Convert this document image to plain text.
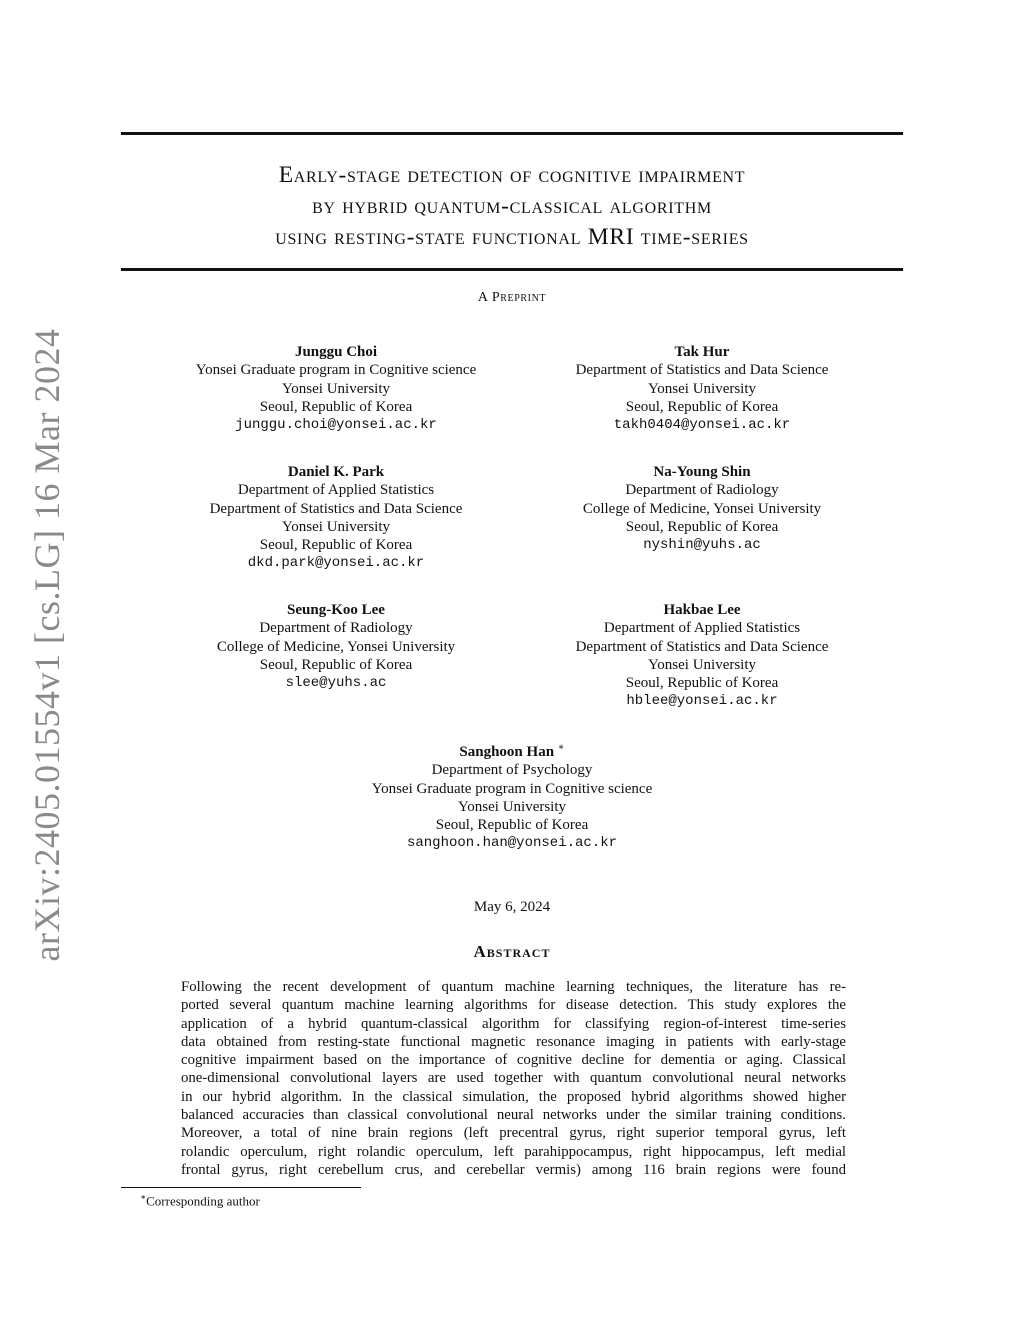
arXiv:2405.01554v1 [cs.LG] 16 Mar 2024
Early-stage detection of cognitive impairment
by hybrid quantum-classical algorithm
using resting-state functional MRI time-series
A Preprint
Junggu Choi
Yonsei Graduate program in Cognitive science
Yonsei University
Seoul, Republic of Korea
junggu.choi@yonsei.ac.kr
Tak Hur
Department of Statistics and Data Science
Yonsei University
Seoul, Republic of Korea
takh0404@yonsei.ac.kr
Daniel K. Park
Department of Applied Statistics
Department of Statistics and Data Science
Yonsei University
Seoul, Republic of Korea
dkd.park@yonsei.ac.kr
Na-Young Shin
Department of Radiology
College of Medicine, Yonsei University
Seoul, Republic of Korea
nyshin@yuhs.ac
Seung-Koo Lee
Department of Radiology
College of Medicine, Yonsei University
Seoul, Republic of Korea
slee@yuhs.ac
Hakbae Lee
Department of Applied Statistics
Department of Statistics and Data Science
Yonsei University
Seoul, Republic of Korea
hblee@yonsei.ac.kr
Sanghoon Han ∗
Department of Psychology
Yonsei Graduate program in Cognitive science
Yonsei University
Seoul, Republic of Korea
sanghoon.han@yonsei.ac.kr
May 6, 2024
Abstract
Following the recent development of quantum machine learning techniques, the literature has re-
ported several quantum machine learning algorithms for disease detection. This study explores the
application of a hybrid quantum-classical algorithm for classifying region-of-interest time-series
data obtained from resting-state functional magnetic resonance imaging in patients with early-stage
cognitive impairment based on the importance of cognitive decline for dementia or aging. Classical
one-dimensional convolutional layers are used together with quantum convolutional neural networks
in our hybrid algorithm. In the classical simulation, the proposed hybrid algorithms showed higher
balanced accuracies than classical convolutional neural networks under the similar training conditions.
Moreover, a total of nine brain regions (left precentral gyrus, right superior temporal gyrus, left
rolandic operculum, right rolandic operculum, left parahippocampus, right hippocampus, left medial
frontal gyrus, right cerebellum crus, and cerebellar vermis) among 116 brain regions were found
∗Corresponding author
